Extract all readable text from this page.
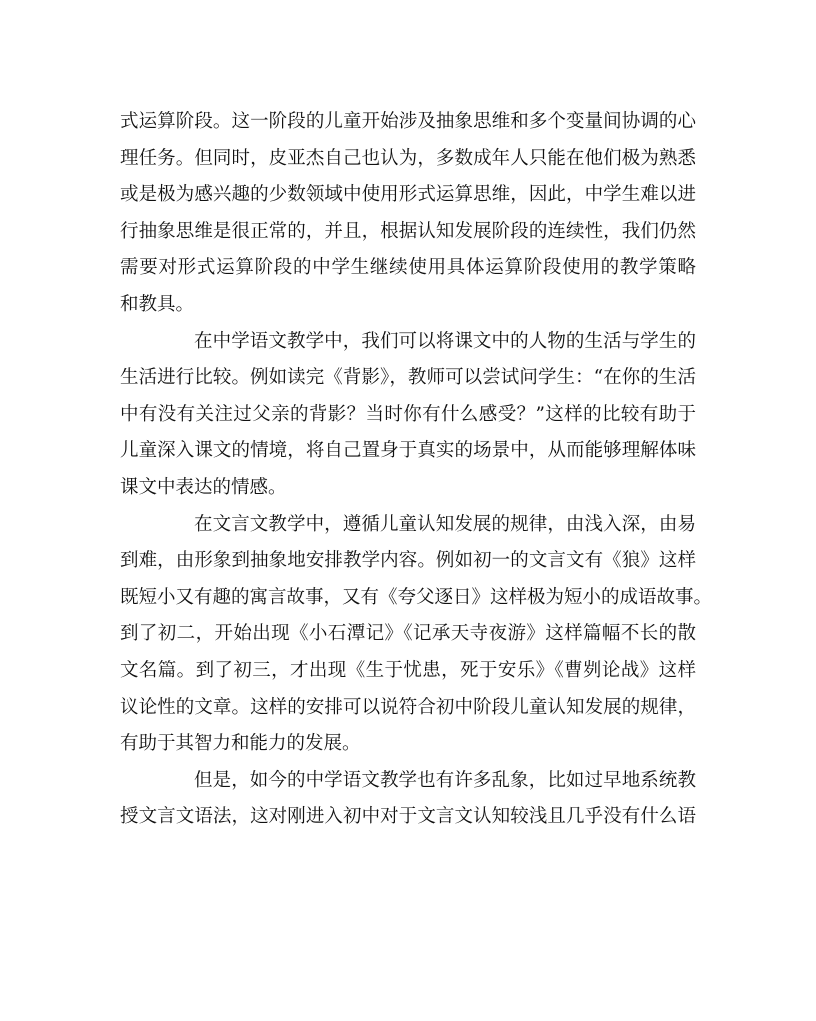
式运算阶段。这一阶段的儿童开始涉及抽象思维和多个变量间协调的心
理任务。但同时，皮亚杰自己也认为，多数成年人只能在他们极为熟悉
或是极为感兴趣的少数领域中使用形式运算思维，因此，中学生难以进
行抽象思维是很正常的，并且，根据认知发展阶段的连续性，我们仍然
需要对形式运算阶段的中学生继续使用具体运算阶段使用的教学策略
和教具。
在中学语文教学中，我们可以将课文中的人物的生活与学生的
生活进行比较。例如读完《背影》，教师可以尝试问学生：“在你的生活
中有没有关注过父亲的背影？当时你有什么感受？”这样的比较有助于
儿童深入课文的情境，将自己置身于真实的场景中，从而能够理解体味
课文中表达的情感。
在文言文教学中，遵循儿童认知发展的规律，由浅入深，由易
到难，由形象到抽象地安排教学内容。例如初一的文言文有《狼》这样
既短小又有趣的寓言故事，又有《夸父逐日》这样极为短小的成语故事。
到了初二，开始出现《小石潭记》《记承天寺夜游》这样篇幅不长的散
文名篇。到了初三，才出现《生于忧患，死于安乐》《曹刿论战》这样
议论性的文章。这样的安排可以说符合初中阶段儿童认知发展的规律，
有助于其智力和能力的发展。
但是，如今的中学语文教学也有许多乱象，比如过早地系统教
授文言文语法，这对刚进入初中对于文言文认知较浅且几乎没有什么语
